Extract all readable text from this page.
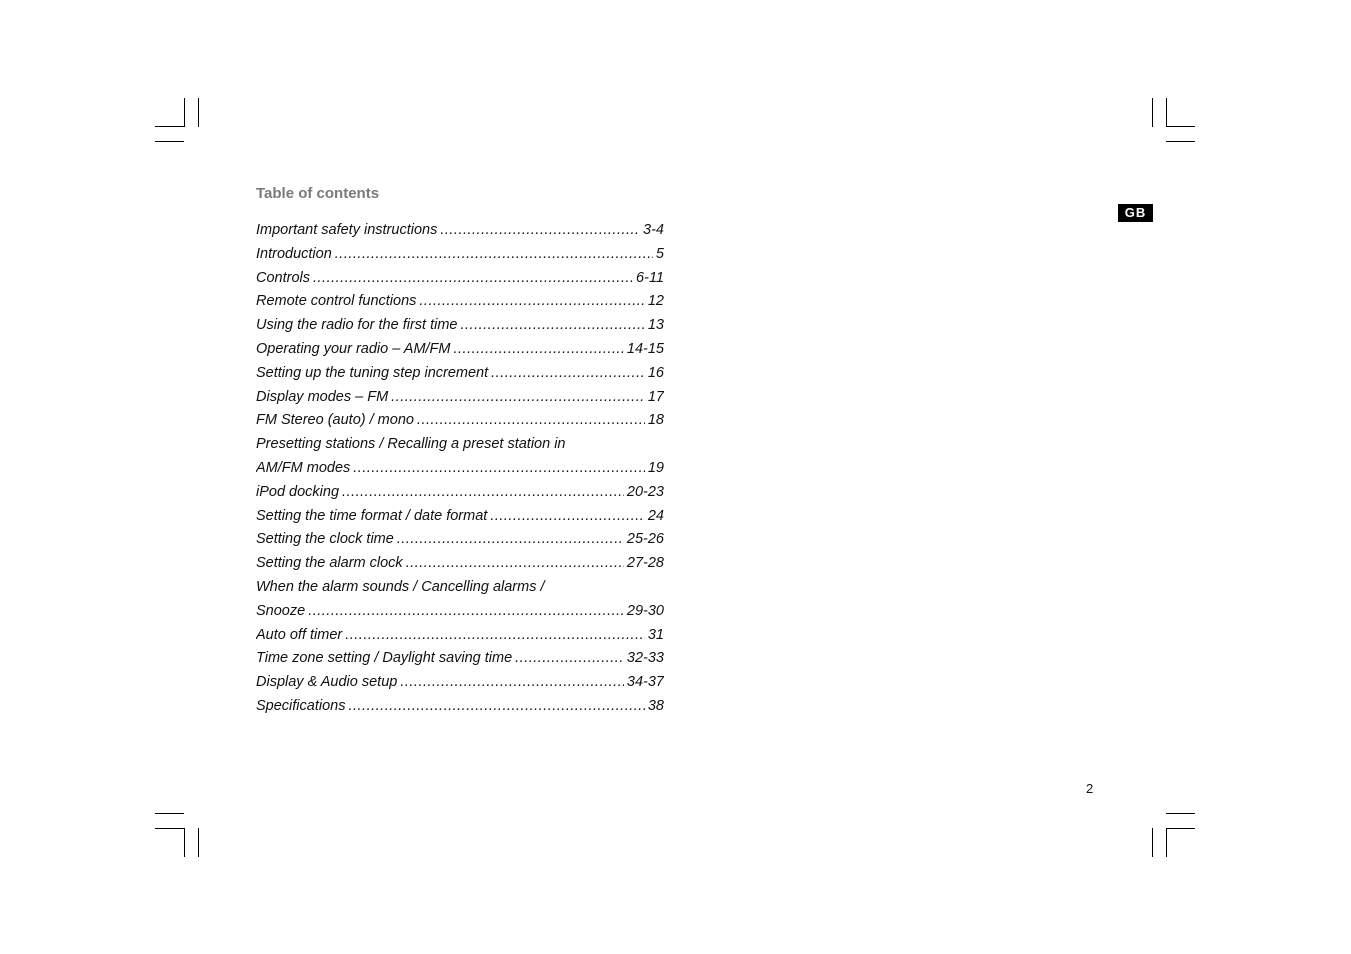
Table of contents
Important safety instructions .....	3-4
Introduction .....	5
Controls .....	6-11
Remote control functions .....	12
Using the radio for the first time .....	13
Operating your radio – AM/FM .....	14-15
Setting up the tuning step increment .....	16
Display modes – FM .....	17
FM Stereo (auto) / mono .....	18
Presetting stations / Recalling a preset station in
AM/FM modes .....	19
iPod docking .....	20-23
Setting the time format / date format .....	24
Setting the clock time .....	25-26
Setting the alarm clock .....	27-28
When the alarm sounds / Cancelling alarms /
Snooze .....	29-30
Auto off timer .....	31
Time zone setting / Daylight saving time .....	32-33
Display & Audio setup .....	34-37
Specifications .....	38
GB
2
